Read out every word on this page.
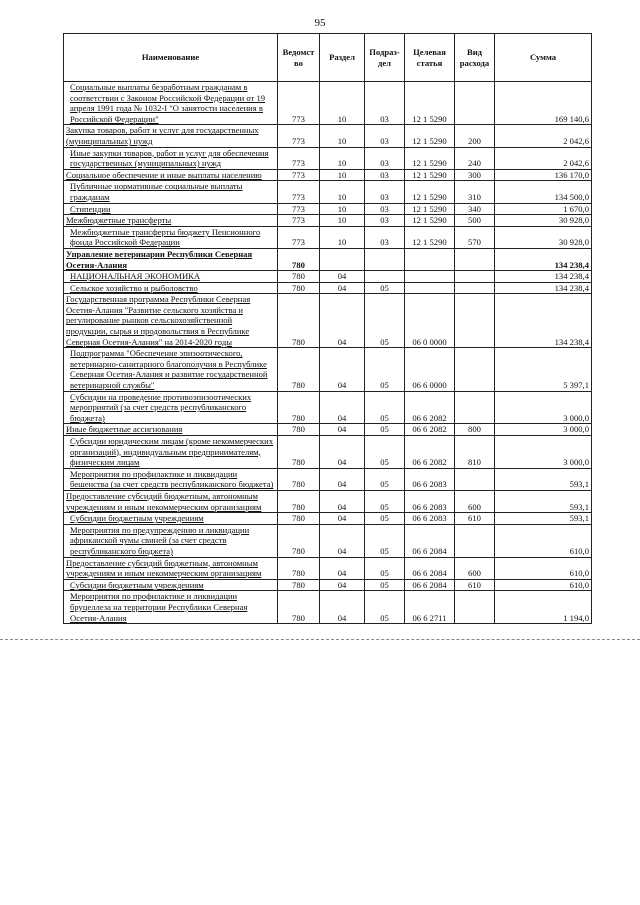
95
Наименование	Ведомст во	Раздел	Подраз- дел	Целевая статья	Вид расхода	Сумма
Социальные выплаты безработным гражданам в соответствии с Законом Российской Федерации от 19 апреля 1991 года № 1032-I "О занятости населения в Российской Федерации"	773	10	03	12 1 5290		169 140,6
Закупка товаров, работ и услуг для государственных (муниципальных) нужд	773	10	03	12 1 5290	200	2 042,6
Иные закупки товаров, работ и услуг для обеспечения государственных (муниципальных) нужд	773	10	03	12 1 5290	240	2 042,6
Социальное обеспечение и иные выплаты населению	773	10	03	12 1 5290	300	136 170,0
Публичные нормативные социальные выплаты гражданам	773	10	03	12 1 5290	310	134 500,0
Стипендии	773	10	03	12 1 5290	340	1 670,0
Межбюджетные трансферты	773	10	03	12 1 5290	500	30 928,0
Межбюджетные трансферты бюджету Пенсионного фонда Российской Федерации	773	10	03	12 1 5290	570	30 928,0
Управление ветеринарии Республики Северная Осетия-Алания	780					134 238,4
НАЦИОНАЛЬНАЯ ЭКОНОМИКА	780	04				134 238,4
Сельское хозяйство и рыболовство	780	04	05			134 238,4
Государственная программа Республики Северная Осетия-Алания "Развитие сельского хозяйства и регулирование рынков сельскохозяйственной продукции, сырья и продовольствия в Республике Северная Осетия-Алания" на 2014-2020 годы	780	04	05	06 0 0000		134 238,4
Подпрограмма "Обеспечение эпизоотического, ветеринарно-санитарного благополучия в Республике Северная Осетия-Алания и развитие государственной ветеринарной службы"	780	04	05	06 6 0000		5 397,1
Субсидии на проведение противоэпизоотических мероприятий (за счет средств республиканского бюджета)	780	04	05	06 6 2082		3 000,0
Иные бюджетные ассигнования	780	04	05	06 6 2082	800	3 000,0
Субсидии юридическим лицам (кроме некоммерческих организаций), индивидуальным предпринимателям, физическим лицам	780	04	05	06 6 2082	810	3 000,0
Мероприятия по профилактике и ликвидации бешенства (за счет средств республиканского бюджета)	780	04	05	06 6 2083		593,1
Предоставление субсидий бюджетным, автономным учреждениям и иным некоммерческим организациям	780	04	05	06 6 2083	600	593,1
Субсидии бюджетным учреждениям	780	04	05	06 6 2083	610	593,1
Мероприятия по предупреждению и ликвидации африканской чумы свиней (за счет средств республиканского бюджета)	780	04	05	06 6 2084		610,0
Предоставление субсидий бюджетным, автономным учреждениям и иным некоммерческим организациям	780	04	05	06 6 2084	600	610,0
Субсидии бюджетным учреждениям	780	04	05	06 6 2084	610	610,0
Мероприятия по профилактике и ликвидации бруцеллеза на территории Республики Северная Осетия-Алания	780	04	05	06 6 2711		1 194,0
